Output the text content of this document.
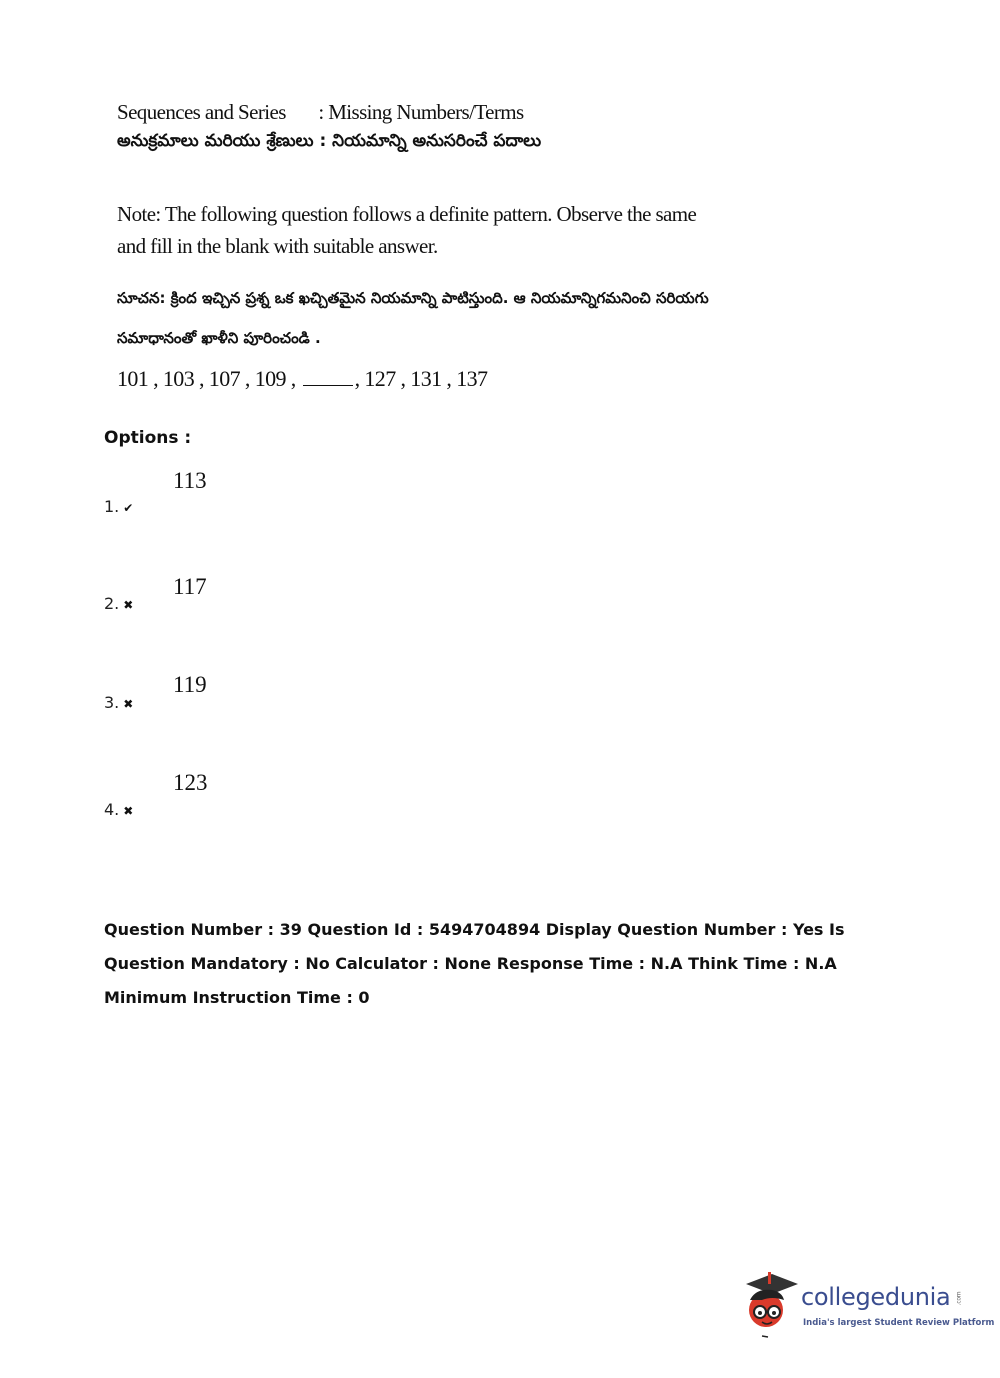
Sequences and Series       : Missing Numbers/Terms
అనుక్రమాలు మరియు శ్రేణులు : నియమాన్ని అనుసరించే పదాలు
Note: The following question follows a definite pattern. Observe the same and fill in the blank with suitable answer.
సూచన: క్రింద ఇచ్చిన ప్రశ్న ఒక ఖచ్చితమైన నియమాన్ని పాటిస్తుంది. ఆ నియమాన్నిగమనించి సరియగు సమాధానంతో ఖాళీని పూరించండి .
101 , 103 , 107 , 109 ,	, 127 , 131 , 137
Options :
1. ✔
113
2. ✖
117
3. ✖
119
4. ✖
123
Question Number : 39 Question Id : 5494704894 Display Question Number : Yes Is Question Mandatory : No Calculator : None Response Time : N.A Think Time : N.A Minimum Instruction Time : 0
collegedunia .com
India's largest Student Review Platform
